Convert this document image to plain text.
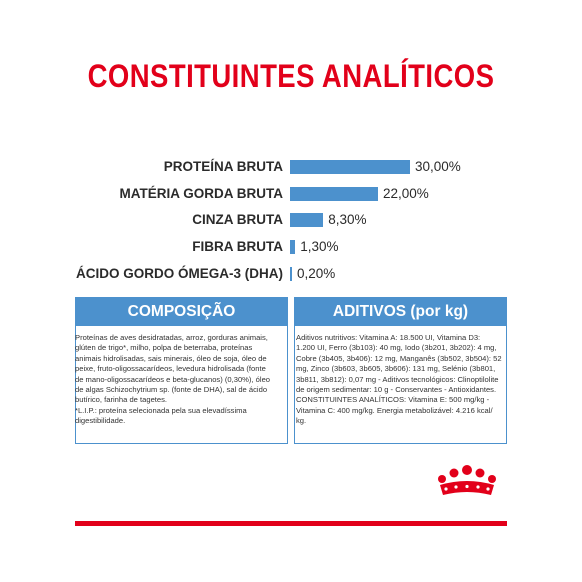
CONSTITUINTES ANALÍTICOS
PROTEÍNA BRUTA	30,00%
MATÉRIA GORDA BRUTA	22,00%
CINZA BRUTA	8,30%
FIBRA BRUTA 1,30%
ÁCIDO GORDO ÓMEGA-3 (DHA) 0,20%
COMPOSIÇÃO
Proteínas de aves desidratadas, arroz, gorduras animais,
glúten de trigo*, milho, polpa de beterraba, proteínas
animais hidrolisadas, sais minerais, óleo de soja, óleo de
peixe, fruto-oligossacarídeos, levedura hidrolisada (fonte
de mano-oligossacarídeos e beta-glucanos) (0,30%), óleo
de algas Schizochytrium sp. (fonte de DHA), sal de ácido
butírico, farinha de tagetes.
*L.I.P.: proteína selecionada pela sua elevadíssima
digestibilidade.
ADITIVOS (por kg)
Aditivos nutritivos: Vitamina A: 18.500 UI, Vitamina D3:
1.200 UI, Ferro (3b103): 40 mg, Iodo (3b201, 3b202): 4 mg,
Cobre (3b405, 3b406): 12 mg, Manganês (3b502, 3b504): 52
mg, Zinco (3b603, 3b605, 3b606): 131 mg, Selénio (3b801,
3b811, 3b812): 0,07 mg - Aditivos tecnológicos: Clinoptilolite
de origem sedimentar: 10 g - Conservantes - Antioxidantes.
CONSTITUINTES ANALÍTICOS: Vitamina E: 500 mg/kg -
Vitamina C: 400 mg/kg. Energia metabolizável: 4.216 kcal/
kg.
